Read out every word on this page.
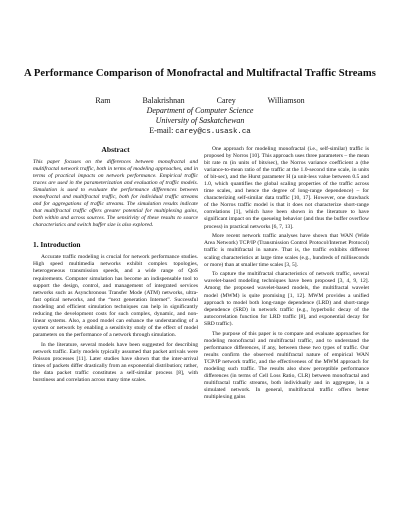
A Performance Comparison of Monofractal and Multifractal Traffic Streams
Ram Balakrishnan Carey Williamson
Department of Computer Science
University of Saskatchewan
E-mail: carey@cs.usask.ca
Abstract

This paper focuses on the differences between monofractal and multifractal network traffic, both in terms of modeling approaches, and in terms of practical impacts on network performance. Empirical traffic traces are used in the parameterization and evaluation of traffic models. Simulation is used to evaluate the performance differences between monofractal and multifractal traffic, both for individual traffic streams and for aggregations of traffic streams. The simulation results indicate that multifractal traffic offers greater potential for multiplexing gains, both within and across sources. The sensitivity of these results to source characteristics and switch buffer size is also explored.

1. Introduction

Accurate traffic modeling is crucial for network performance studies. High speed multimedia networks exhibit complex topologies, heterogeneous transmission speeds, and a wide range of QoS requirements. Computer simulation has become an indispensable tool to support the design, control, and management of integrated services networks such as Asynchronous Transfer Mode (ATM) networks, ultra-fast optical networks, and the “next generation Internet”. Successful modeling and efficient simulation techniques can help in significantly reducing the development costs for such complex, dynamic, and non-linear systems. Also, a good model can enhance the understanding of a system or network by enabling a sensitivity study of the effect of model parameters on the performance of a network through simulation.

In the literature, several models have been suggested for describing network traffic. Early models typically assumed that packet arrivals were Poisson processes [11]. Later studies have shown that the inter-arrival times of packets differ drastically from an exponential distribution; rather, the data packet traffic constitutes a self-similar process [8], with burstiness and correlation across many time scales.

One approach for modeling monofractal (i.e., self-similar) traffic is proposed by Norros [10]. This approach uses three parameters – the mean bit rate m (in units of bits/sec), the Norros variance coefficient a (the variance-to-mean ratio of the traffic at the 1.0-second time scale, in units of bit-sec), and the Hurst parameter H (a unit-less value between 0.5 and 1.0, which quantifies the global scaling properties of the traffic across time scales, and hence the degree of long-range dependence) – for characterizing self-similar data traffic [10, 17]. However, one drawback of the Norros traffic model is that it does not characterize short-range correlations [1], which have been shown in the literature to have significant impact on the queueing behavior (and thus the buffer overflow process) in practical networks [6, 7, 13].

More recent network traffic analyses have shown that WAN (Wide Area Network) TCP/IP (Transmission Control Protocol/Internet Protocol) traffic is multifractal in nature. That is, the traffic exhibits different scaling characteristics at large time scales (e.g., hundreds of milliseconds or more) than at smaller time scales [3, 5].

To capture the multifractal characteristics of network traffic, several wavelet-based modeling techniques have been proposed [3, 4, 9, 12]. Among the proposed wavelet-based models, the multifractal wavelet model (MWM) is quite promising [1, 12]. MWM provides a unified approach to model both long-range dependence (LRD) and short-range dependence (SRD) in network traffic (e.g., hyperbolic decay of the autocorrelation function for LRD traffic [8], and exponential decay for SRD traffic).

The purpose of this paper is to compare and evaluate approaches for modeling monofractal and multifractal traffic, and to understand the performance differences, if any, between these two types of traffic. Our results confirm the observed multifractal nature of empirical WAN TCP/IP network traffic, and the effectiveness of the MWM approach for modeling such traffic. The results also show perceptible performance differences (in terms of Cell Loss Ratio, CLR) between monofractal and multifractal traffic streams, both individually and in aggregate, in a simulated network. In general, multifractal traffic offers better multiplexing gains
